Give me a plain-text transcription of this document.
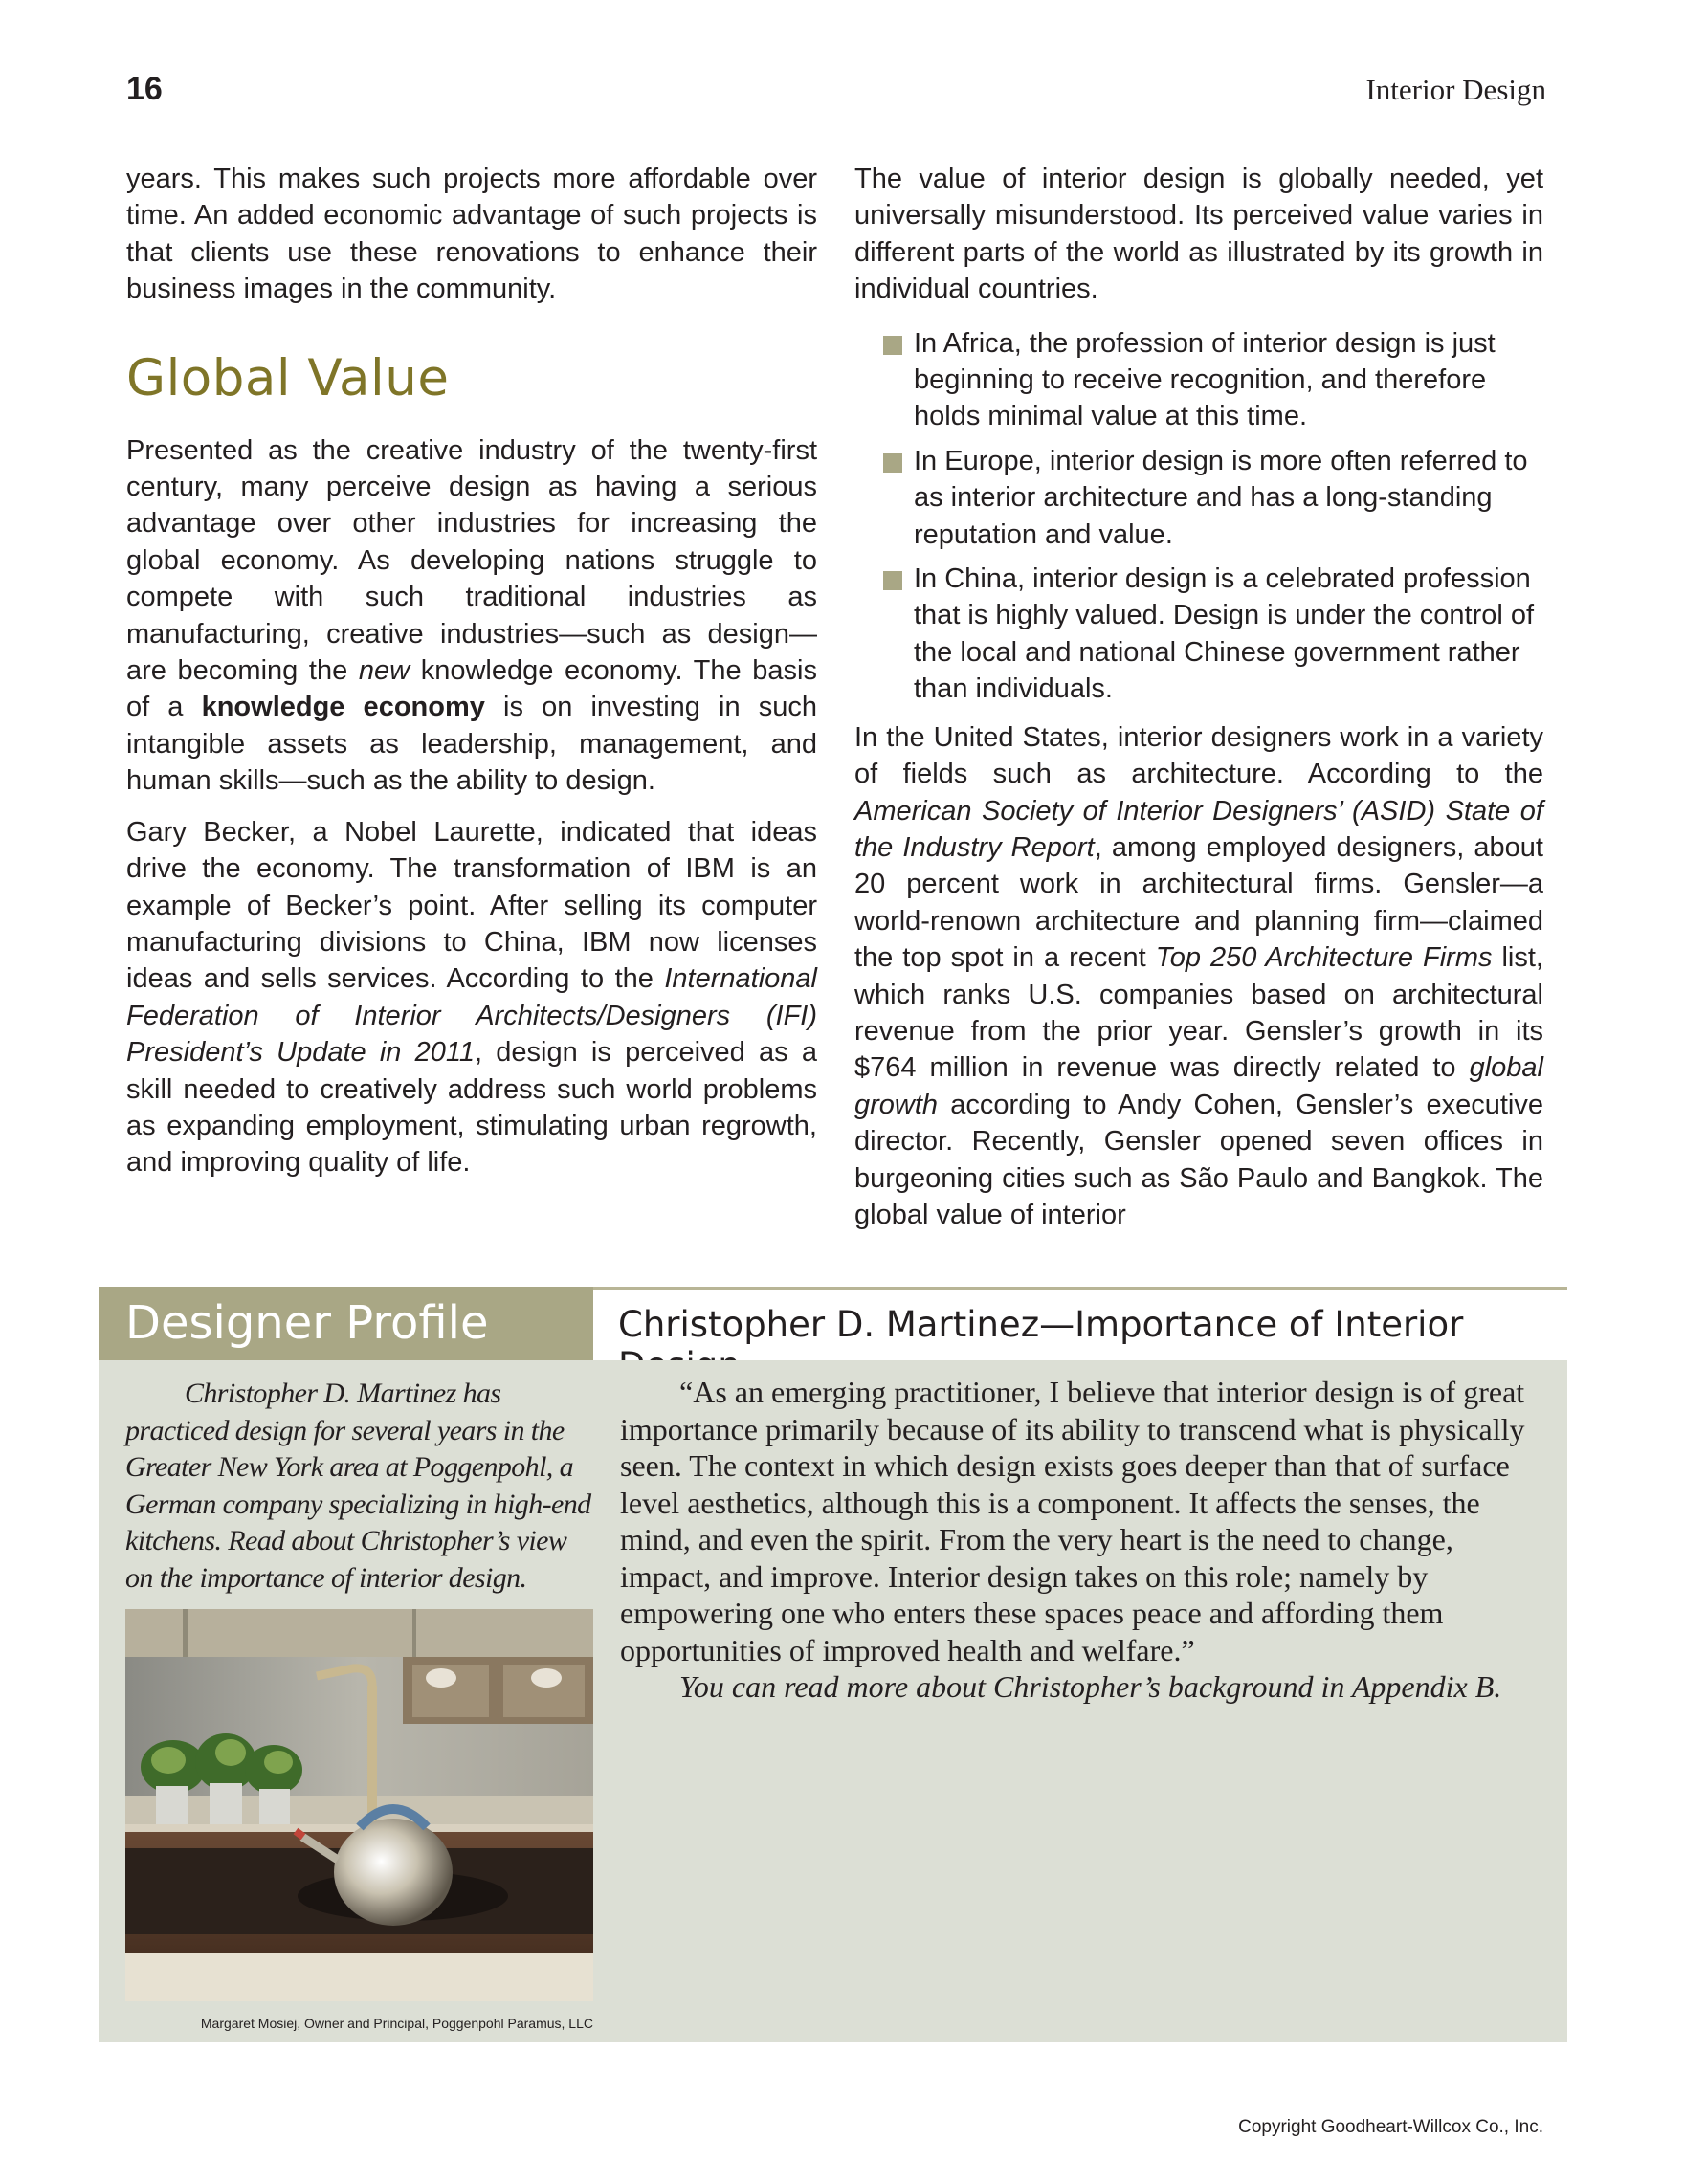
16	Interior Design

years. This makes such projects more affordable over time. An added economic advantage of such projects is that clients use these renovations to enhance their business images in the community.

Global Value

Presented as the creative industry of the twenty-first century, many perceive design as having a serious advantage over other industries for increasing the global economy. As developing nations struggle to compete with such traditional industries as manufacturing, creative industries—such as design—are becoming the new knowledge economy. The basis of a knowledge economy is on investing in such intangible assets as leadership, management, and human skills—such as the ability to design.

Gary Becker, a Nobel Laurette, indicated that ideas drive the economy. The transformation of IBM is an example of Becker’s point. After selling its computer manufacturing divisions to China, IBM now licenses ideas and sells services. According to the International Federation of Interior Architects/Designers (IFI) President’s Update in 2011, design is perceived as a skill needed to creatively address such world problems as expanding employment, stimulating urban regrowth, and improving quality of life.

The value of interior design is globally needed, yet universally misunderstood. Its perceived value varies in different parts of the world as illustrated by its growth in individual countries.

In Africa, the profession of interior design is just beginning to receive recognition, and therefore holds minimal value at this time.
In Europe, interior design is more often referred to as interior architecture and has a long-standing reputation and value.
In China, interior design is a celebrated profession that is highly valued. Design is under the control of the local and national Chinese government rather than individuals.

In the United States, interior designers work in a variety of fields such as architecture. According to the American Society of Interior Designers’ (ASID) State of the Industry Report, among employed designers, about 20 percent work in architectural firms. Gensler—a world-renown architecture and planning firm—claimed the top spot in a recent Top 250 Architecture Firms list, which ranks U.S. companies based on architectural revenue from the prior year. Gensler’s growth in its $764 million in revenue was directly related to global growth according to Andy Cohen, Gensler’s executive director. Recently, Gensler opened seven offices in burgeoning cities such as São Paulo and Bangkok. The global value of interior

Designer Profile	Christopher D. Martinez—Importance of Interior
Christopher D. Martinez has practiced design for several years in the Greater New York area at Poggenpohl, a German company specializing in high-end kitchens. Read about Christopher’s view on the importance of interior design.
Margaret Mosiej, Owner and Principal, Poggenpohl Paramus, LLC

“As an emerging practitioner, I believe that interior design is of great importance primarily because of its ability to transcend what is physically seen. The context in which design exists goes deeper than that of surface level aesthetics, although this is a component. It affects the senses, the mind, and even the spirit. From the very heart is the need to change, impact, and improve. Interior design takes on this role; namely by empowering one who enters these spaces peace and affording them opportunities of improved health and welfare.”

You can read more about Christopher’s background in Appendix B.

Copyright Goodheart-Willcox Co., Inc.
